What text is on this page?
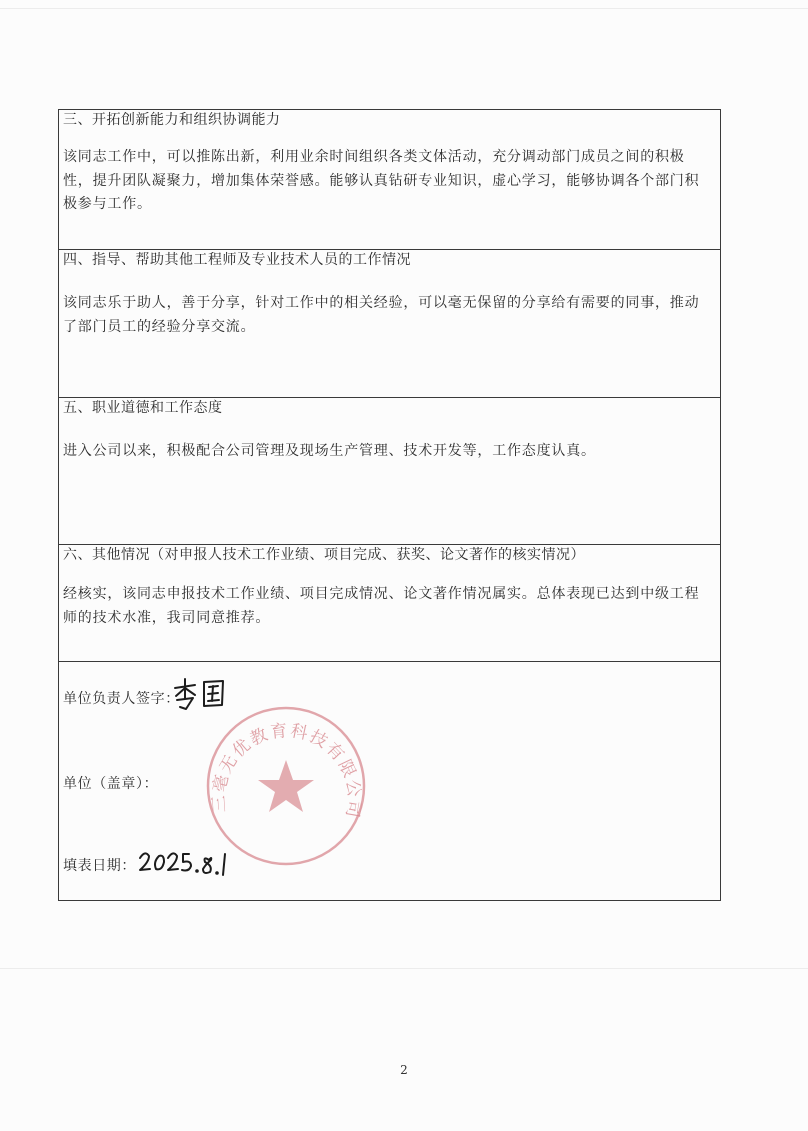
三、开拓创新能力和组织协调能力
该同志工作中，可以推陈出新，利用业余时间组织各类文体活动，充分调动部门成员之间的积极性，提升团队凝聚力，增加集体荣誉感。能够认真钻研专业知识，虚心学习，能够协调各个部门积极参与工作。
四、指导、帮助其他工程师及专业技术人员的工作情况
该同志乐于助人，善于分享，针对工作中的相关经验，可以毫无保留的分享给有需要的同事，推动了部门员工的经验分享交流。
五、职业道德和工作态度
进入公司以来，积极配合公司管理及现场生产管理、技术开发等，工作态度认真。
六、其他情况（对申报人技术工作业绩、项目完成、获奖、论文著作的核实情况）
经核实，该同志申报技术工作业绩、项目完成情况、论文著作情况属实。总体表现已达到中级工程师的技术水准，我司同意推荐。
三毫无优教育科技有限公司
单位负责人签字：
单位（盖章）：
填表日期：
2
